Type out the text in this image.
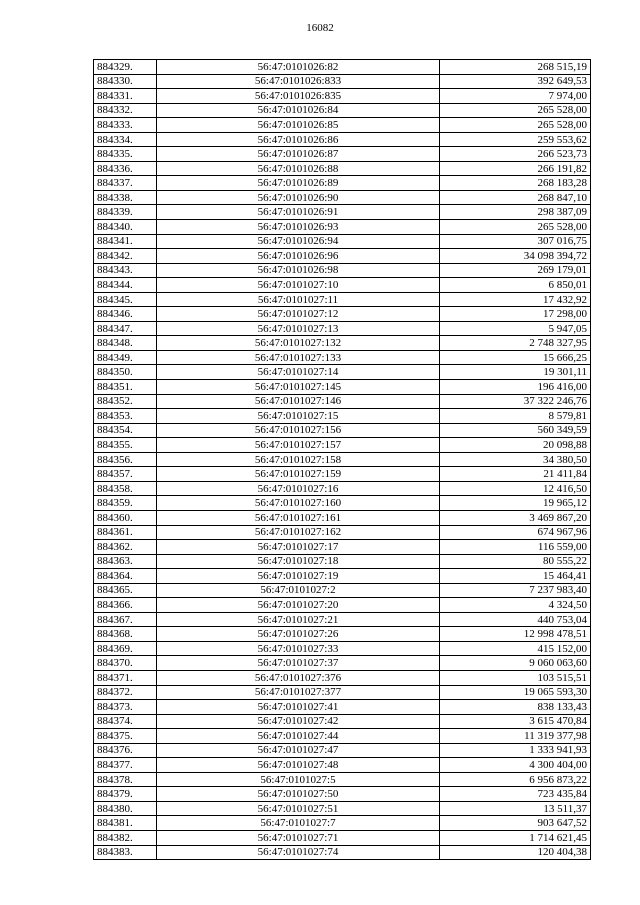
16082
884329.	56:47:0101026:82	268 515,19
884330.	56:47:0101026:833	392 649,53
884331.	56:47:0101026:835	7 974,00
884332.	56:47:0101026:84	265 528,00
884333.	56:47:0101026:85	265 528,00
884334.	56:47:0101026:86	259 553,62
884335.	56:47:0101026:87	266 523,73
884336.	56:47:0101026:88	266 191,82
884337.	56:47:0101026:89	268 183,28
884338.	56:47:0101026:90	268 847,10
884339.	56:47:0101026:91	298 387,09
884340.	56:47:0101026:93	265 528,00
884341.	56:47:0101026:94	307 016,75
884342.	56:47:0101026:96	34 098 394,72
884343.	56:47:0101026:98	269 179,01
884344.	56:47:0101027:10	6 850,01
884345.	56:47:0101027:11	17 432,92
884346.	56:47:0101027:12	17 298,00
884347.	56:47:0101027:13	5 947,05
884348.	56:47:0101027:132	2 748 327,95
884349.	56:47:0101027:133	15 666,25
884350.	56:47:0101027:14	19 301,11
884351.	56:47:0101027:145	196 416,00
884352.	56:47:0101027:146	37 322 246,76
884353.	56:47:0101027:15	8 579,81
884354.	56:47:0101027:156	560 349,59
884355.	56:47:0101027:157	20 098,88
884356.	56:47:0101027:158	34 380,50
884357.	56:47:0101027:159	21 411,84
884358.	56:47:0101027:16	12 416,50
884359.	56:47:0101027:160	19 965,12
884360.	56:47:0101027:161	3 469 867,20
884361.	56:47:0101027:162	674 967,96
884362.	56:47:0101027:17	116 559,00
884363.	56:47:0101027:18	80 555,22
884364.	56:47:0101027:19	15 464,41
884365.	56:47:0101027:2	7 237 983,40
884366.	56:47:0101027:20	4 324,50
884367.	56:47:0101027:21	440 753,04
884368.	56:47:0101027:26	12 998 478,51
884369.	56:47:0101027:33	415 152,00
884370.	56:47:0101027:37	9 060 063,60
884371.	56:47:0101027:376	103 515,51
884372.	56:47:0101027:377	19 065 593,30
884373.	56:47:0101027:41	838 133,43
884374.	56:47:0101027:42	3 615 470,84
884375.	56:47:0101027:44	11 319 377,98
884376.	56:47:0101027:47	1 333 941,93
884377.	56:47:0101027:48	4 300 404,00
884378.	56:47:0101027:5	6 956 873,22
884379.	56:47:0101027:50	723 435,84
884380.	56:47:0101027:51	13 511,37
884381.	56:47:0101027:7	903 647,52
884382.	56:47:0101027:71	1 714 621,45
884383.	56:47:0101027:74	120 404,38
